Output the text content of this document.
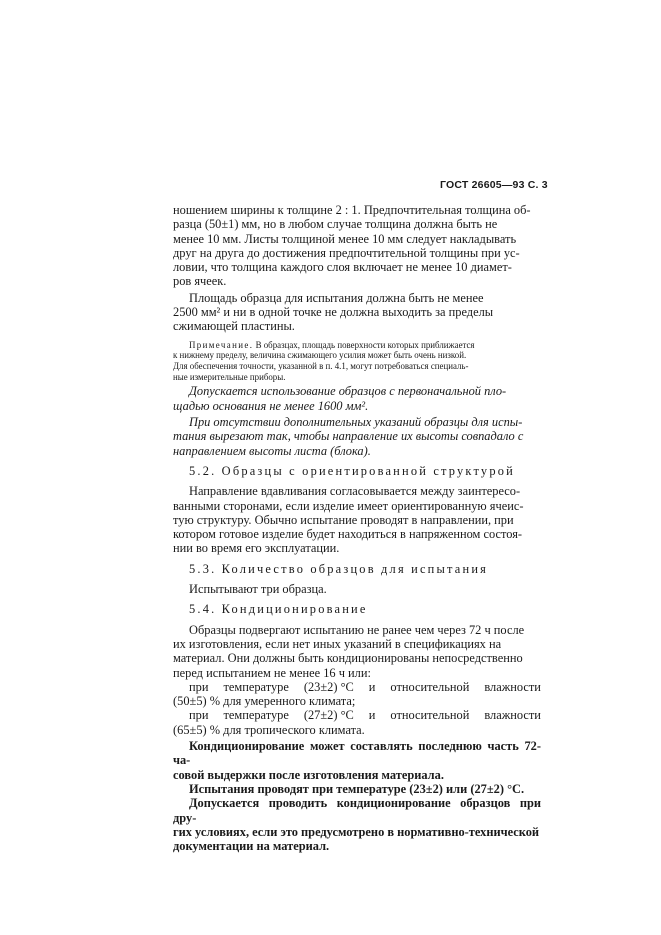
ГОСТ 26605—93 С. 3

ношением ширины к толщине 2 : 1. Предпочтительная толщина об-

разца (50±1) мм, но в любом случае толщина должна быть не

менее 10 мм. Листы толщиной менее 10 мм следует накладывать

друг на друга до достижения предпочтительной толщины при ус-

ловии, что толщина каждого слоя включает не менее 10 диамет-

ров ячеек.

Площадь образца для испытания должна быть не менее

2500 мм² и ни в одной точке не должна выходить за пределы

сжимающей пластины.

Примечание. В образцах, площадь поверхности которых приближается

к нижнему пределу, величина сжимающего усилия может быть очень низкой.

Для обеспечения точности, указанной в п. 4.1, могут потребоваться специаль-

ные измерительные приборы.

Допускается использование образцов с первоначальной пло-

щадью основания не менее 1600 мм².

При отсутствии дополнительных указаний образцы для испы-

тания вырезают так, чтобы направление их высоты совпадало с

направлением высоты листа (блока).

5.2. Образцы с ориентированной структурой

Направление вдавливания согласовывается между заинтересо-

ванными сторонами, если изделие имеет ориентированную ячеис-

тую структуру. Обычно испытание проводят в направлении, при

котором готовое изделие будет находиться в напряженном состоя-

нии во время его эксплуатации.

5.3. Количество образцов для испытания

Испытывают три образца.

5.4. Кондиционирование

Образцы подвергают испытанию не ранее чем через 72 ч после

их изготовления, если нет иных указаний в спецификациях на

материал. Они должны быть кондиционированы непосредственно

перед испытанием не менее 16 ч или:

при температуре (23±2) °С и относительной влажности

(50±5) % для умеренного климата;

при температуре (27±2) °С и относительной влажности

(65±5) % для тропического климата.

Кондиционирование может составлять последнюю часть 72-ча-

совой выдержки после изготовления материала.

Испытания проводят при температуре (23±2) или (27±2) °С.

Допускается проводить кондиционирование образцов при дру-

гих условиях, если это предусмотрено в нормативно-технической

документации на материал.
